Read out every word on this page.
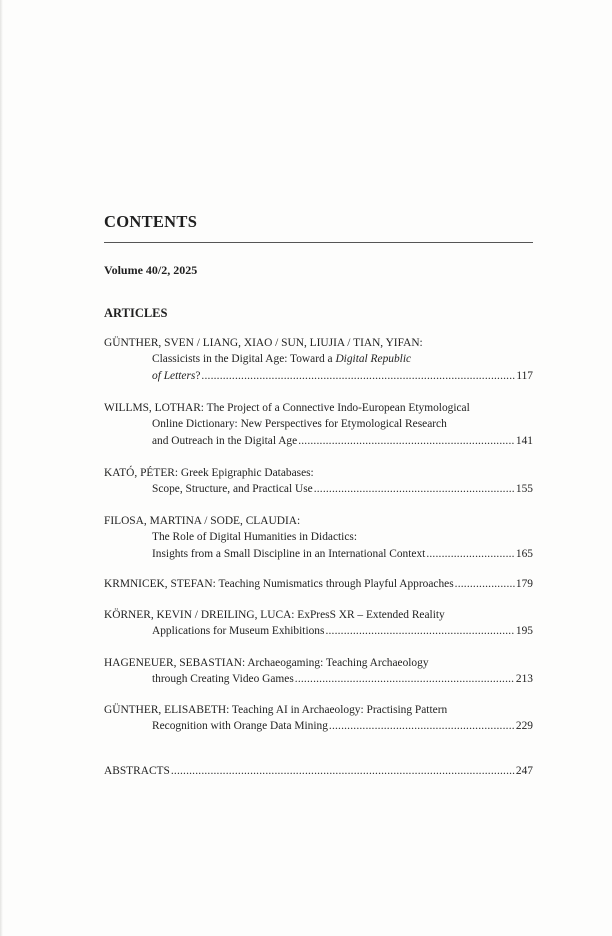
CONTENTS
Volume 40/2, 2025
ARTICLES
GÜNTHER, SVEN / LIANG, XIAO / SUN, LIUJIA / TIAN, YIFAN:
Classicists in the Digital Age: Toward a Digital Republic
of Letters? .....	117
WILLMS, LOTHAR: The Project of a Connective Indo-European Etymological
Online Dictionary: New Perspectives for Etymological Research
and Outreach in the Digital Age .....	141
KATÓ, PÉTER: Greek Epigraphic Databases:
Scope, Structure, and Practical Use .....	155
FILOSA, MARTINA / SODE, CLAUDIA:
The Role of Digital Humanities in Didactics:
Insights from a Small Discipline in an International Context .....	165
KRMNICEK, STEFAN: Teaching Numismatics through Playful Approaches .....	179
KÖRNER, KEVIN / DREILING, LUCA: ExPresS XR – Extended Reality
Applications for Museum Exhibitions .....	195
HAGENEUER, SEBASTIAN: Archaeogaming: Teaching Archaeology
through Creating Video Games .....	213
GÜNTHER, ELISABETH: Teaching AI in Archaeology: Practising Pattern
Recognition with Orange Data Mining .....	229
ABSTRACTS .....	247
